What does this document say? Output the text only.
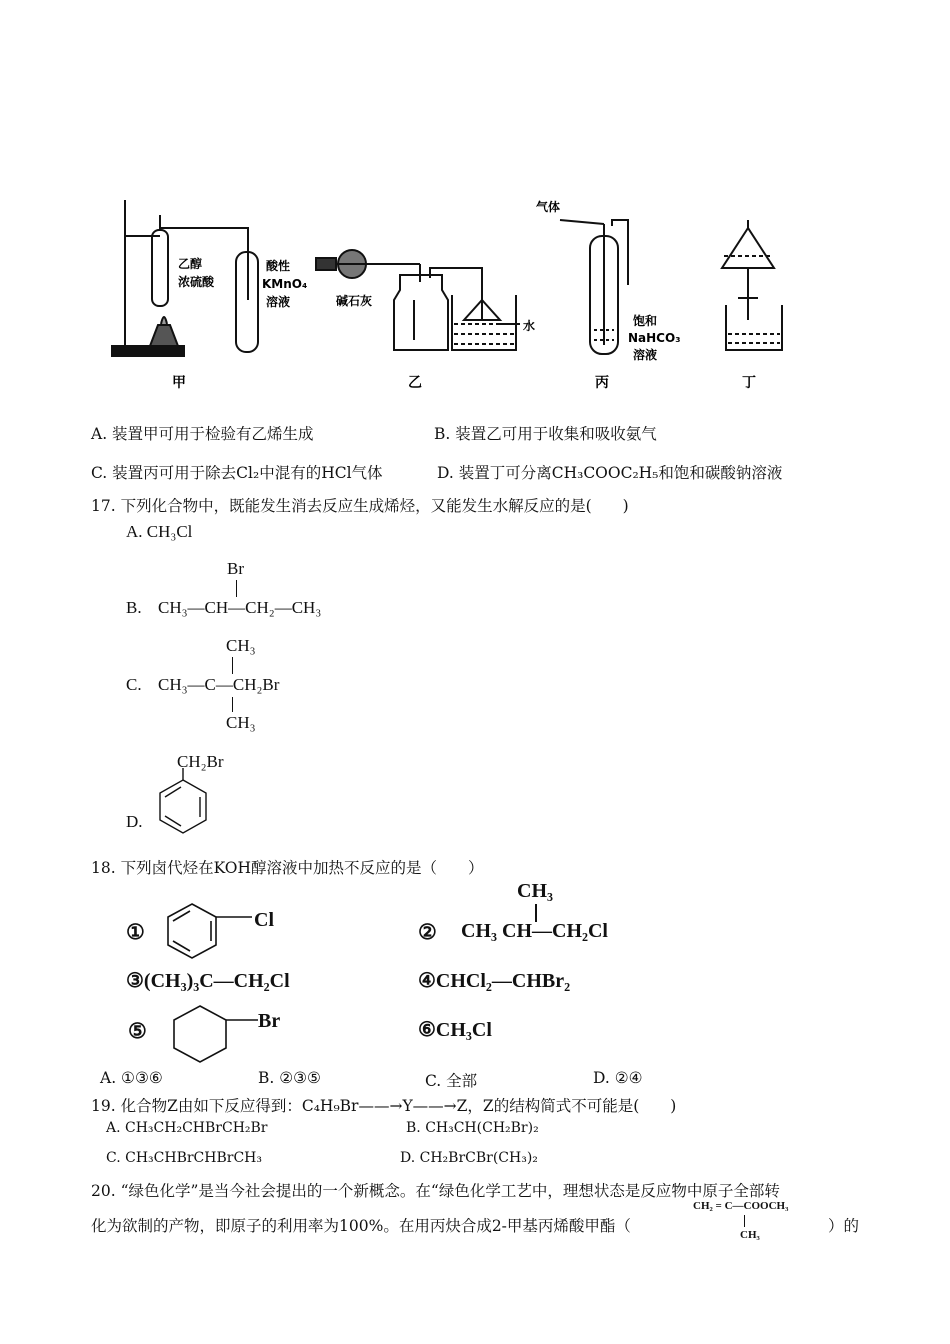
乙醇
浓硫酸
酸性
KMnO₄
溶液
甲
碱石灰
水
乙
气体
饱和
NaHCO₃
溶液
丙	丁
A. 装置甲可用于检验有乙烯生成	B. 装置乙可用于收集和吸收氨气
C. 装置丙可用于除去Cl₂中混有的HCl气体	D. 装置丁可分离CH₃COOC₂H₅和饱和碳酸钠溶液
17. 下列化合物中，既能发生消去反应生成烯烃，又能发生水解反应的是(　　)
A. CH₃Cl
B.
Br
CH₃—CH—CH₂—CH₃
C.
CH₃
CH₃—C—CH₂Br
CH₃
D.
CH₂Br
18. 下列卤代烃在KOH醇溶液中加热不反应的是（　　）
①	Cl	②
CH₃
CH₃ CH—CH₂Cl
③(CH₃)₃C—CH₂Cl	④CHCl₂—CHBr₂
⑤	Br	⑥CH₃Cl
A. ①③⑥	B. ②③⑤	C. 全部	D. ②④
19. 化合物Z由如下反应得到：C₄H₉Br——→Y——→Z，Z的结构简式不可能是(　　)
A. CH₃CH₂CHBrCH₂Br	B. CH₃CH(CH₂Br)₂
C. CH₃CHBrCHBrCH₃	D. CH₂BrCBr(CH₃)₂
20. “绿色化学”是当今社会提出的一个新概念。在“绿色化学工艺中，理想状态是反应物中原子全部转
化为欲制的产物，即原子的利用率为100%。在用丙炔合成2-甲基丙烯酸甲酯（
CH₂ = C—COOCH₃
CH₃	）的
